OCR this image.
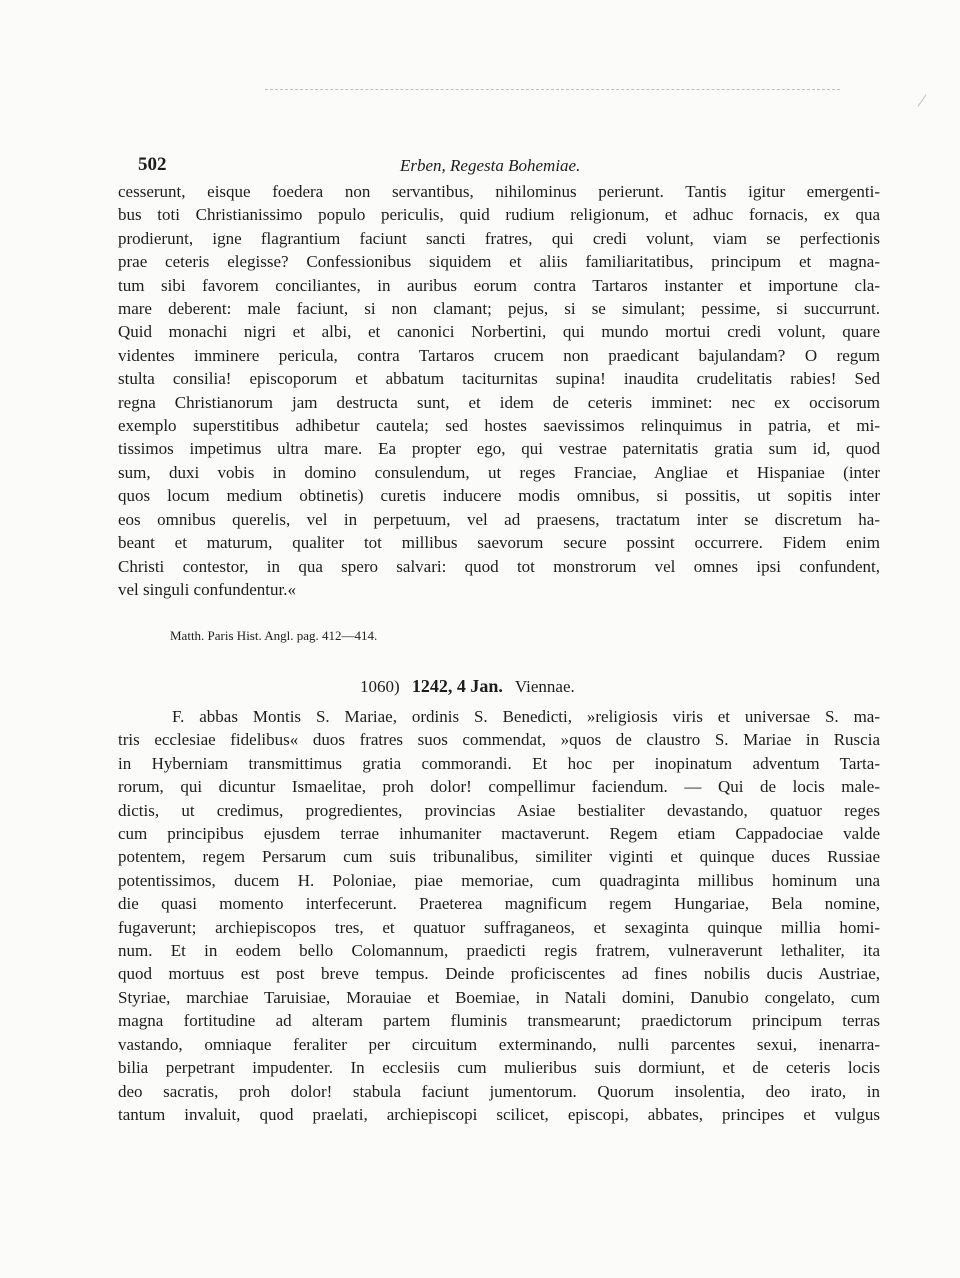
502	Erben, Regesta Bohemiae.
cesserunt, eisque foedera non servantibus, nihilominus perierunt. Tantis igitur emergenti-
bus toti Christianissimo populo periculis, quid rudium religionum, et adhuc fornacis, ex qua
prodierunt, igne flagrantium faciunt sancti fratres, qui credi volunt, viam se perfectionis
prae ceteris elegisse? Confessionibus siquidem et aliis familiaritatibus, principum et magna-
tum sibi favorem conciliantes, in auribus eorum contra Tartaros instanter et importune cla-
mare deberent: male faciunt, si non clamant; pejus, si se simulant; pessime, si succurrunt.
Quid monachi nigri et albi, et canonici Norbertini, qui mundo mortui credi volunt, quare
videntes imminere pericula, contra Tartaros crucem non praedicant bajulandam? O regum
stulta consilia! episcoporum et abbatum taciturnitas supina! inaudita crudelitatis rabies! Sed
regna Christianorum jam destructa sunt, et idem de ceteris imminet: nec ex occisorum
exemplo superstitibus adhibetur cautela; sed hostes saevissimos relinquimus in patria, et mi-
tissimos impetimus ultra mare. Ea propter ego, qui vestrae paternitatis gratia sum id, quod
sum, duxi vobis in domino consulendum, ut reges Franciae, Angliae et Hispaniae (inter
quos locum medium obtinetis) curetis inducere modis omnibus, si possitis, ut sopitis inter
eos omnibus querelis, vel in perpetuum, vel ad praesens, tractatum inter se discretum ha-
beant et maturum, qualiter tot millibus saevorum secure possint occurrere. Fidem enim
Christi contestor, in qua spero salvari: quod tot monstrorum vel omnes ipsi confundent,
vel singuli confundentur.«
Matth. Paris Hist. Angl. pag. 412—414.
1060) 1242, 4 Jan. Viennae.
F. abbas Montis S. Mariae, ordinis S. Benedicti, »religiosis viris et universae S. ma-
tris ecclesiae fidelibus« duos fratres suos commendat, »quos de claustro S. Mariae in Ruscia
in Hyberniam transmittimus gratia commorandi. Et hoc per inopinatum adventum Tarta-
rorum, qui dicuntur Ismaelitae, proh dolor! compellimur faciendum. — Qui de locis male-
dictis, ut credimus, progredientes, provincias Asiae bestialiter devastando, quatuor reges
cum principibus ejusdem terrae inhumaniter mactaverunt. Regem etiam Cappadociae valde
potentem, regem Persarum cum suis tribunalibus, similiter viginti et quinque duces Russiae
potentissimos, ducem H. Poloniae, piae memoriae, cum quadraginta millibus hominum una
die quasi momento interfecerunt. Praeterea magnificum regem Hungariae, Bela nomine,
fugaverunt; archiepiscopos tres, et quatuor suffraganeos, et sexaginta quinque millia homi-
num. Et in eodem bello Colomannum, praedicti regis fratrem, vulneraverunt lethaliter, ita
quod mortuus est post breve tempus. Deinde proficiscentes ad fines nobilis ducis Austriae,
Styriae, marchiae Taruisiae, Morauiae et Boemiae, in Natali domini, Danubio congelato, cum
magna fortitudine ad alteram partem fluminis transmearunt; praedictorum principum terras
vastando, omniaque feraliter per circuitum exterminando, nulli parcentes sexui, inenarra-
bilia perpetrant impudenter. In ecclesiis cum mulieribus suis dormiunt, et de ceteris locis
deo sacratis, proh dolor! stabula faciunt jumentorum. Quorum insolentia, deo irato, in
tantum invaluit, quod praelati, archiepiscopi scilicet, episcopi, abbates, principes et vulgus
